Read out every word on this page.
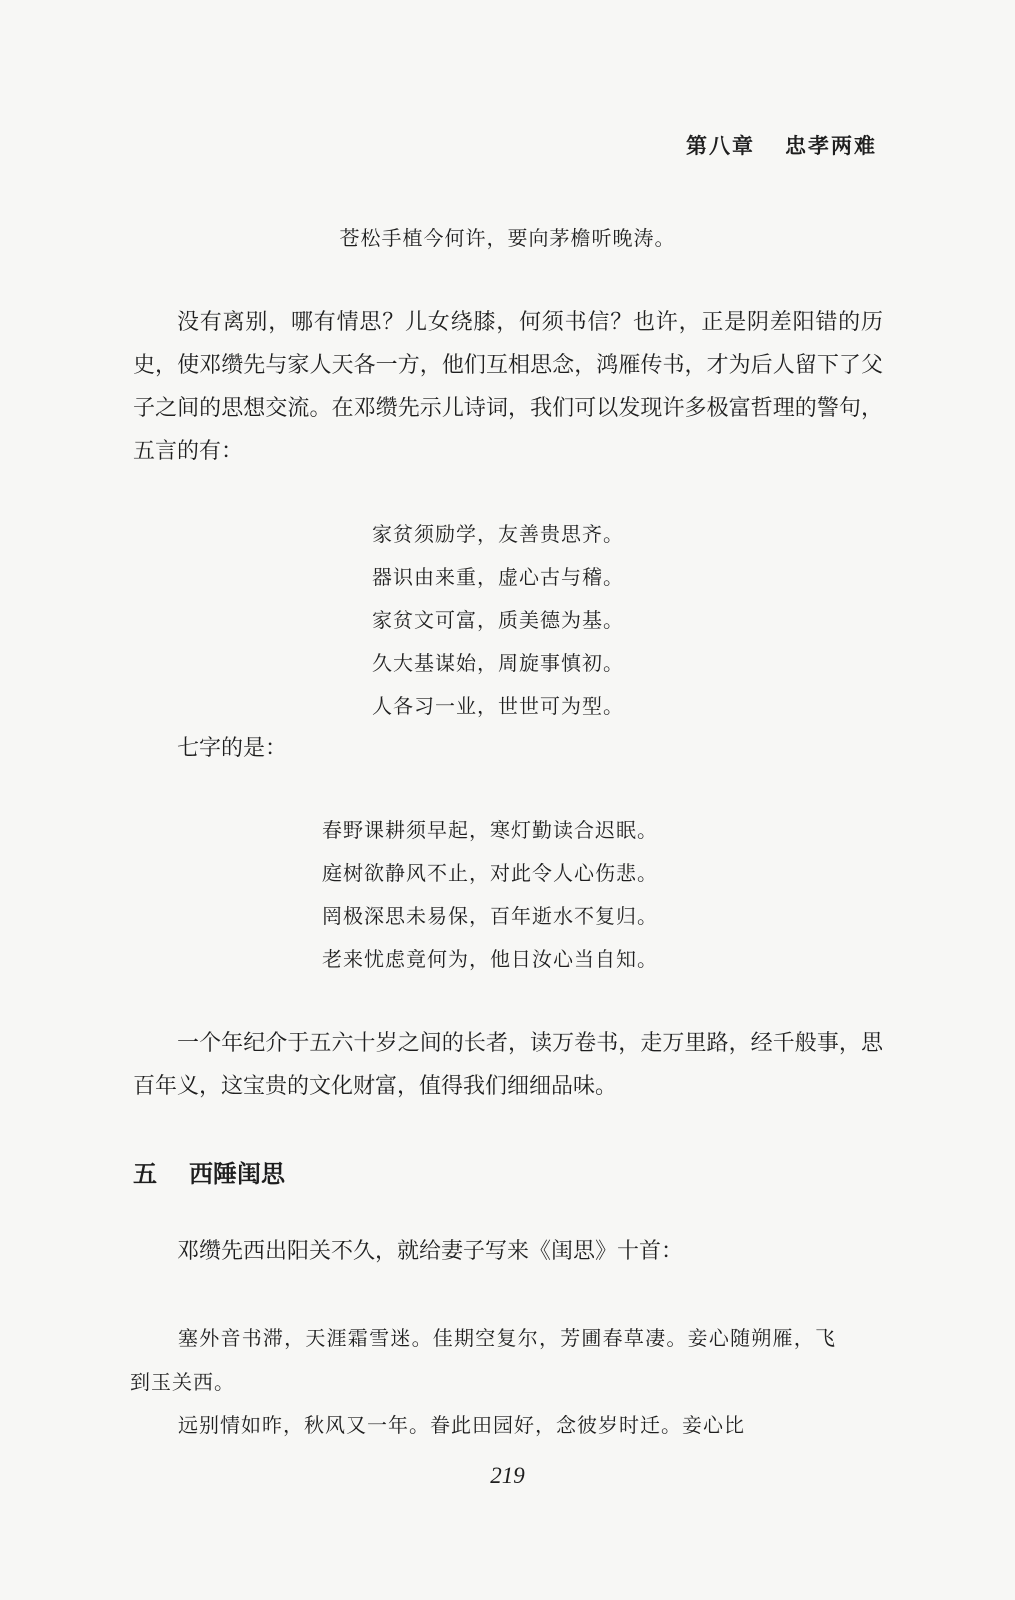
第八章 忠孝两难
苍松手植今何许，要向茅檐听晚涛。
没有离别，哪有情思？儿女绕膝，何须书信？也许，正是阴差阳错的历史，使邓缵先与家人天各一方，他们互相思念，鸿雁传书，才为后人留下了父子之间的思想交流。在邓缵先示儿诗词，我们可以发现许多极富哲理的警句，五言的有：
家贫须励学，友善贵思齐。
器识由来重，虚心古与稽。
家贫文可富，质美德为基。
久大基谋始，周旋事慎初。
人各习一业，世世可为型。
七字的是：
春野课耕须早起，寒灯勤读合迟眠。
庭树欲静风不止，对此令人心伤悲。
罔极深思未易保，百年逝水不复归。
老来忧虑竟何为，他日汝心当自知。
一个年纪介于五六十岁之间的长者，读万卷书，走万里路，经千般事，思百年义，这宝贵的文化财富，值得我们细细品味。
五 西陲闺思
邓缵先西出阳关不久，就给妻子写来《闺思》十首：
塞外音书滞，天涯霜雪迷。佳期空复尔，芳圃春草凄。妾心随朔雁，飞到玉关西。
远别情如昨，秋风又一年。眷此田园好，念彼岁时迁。妾心比
219
